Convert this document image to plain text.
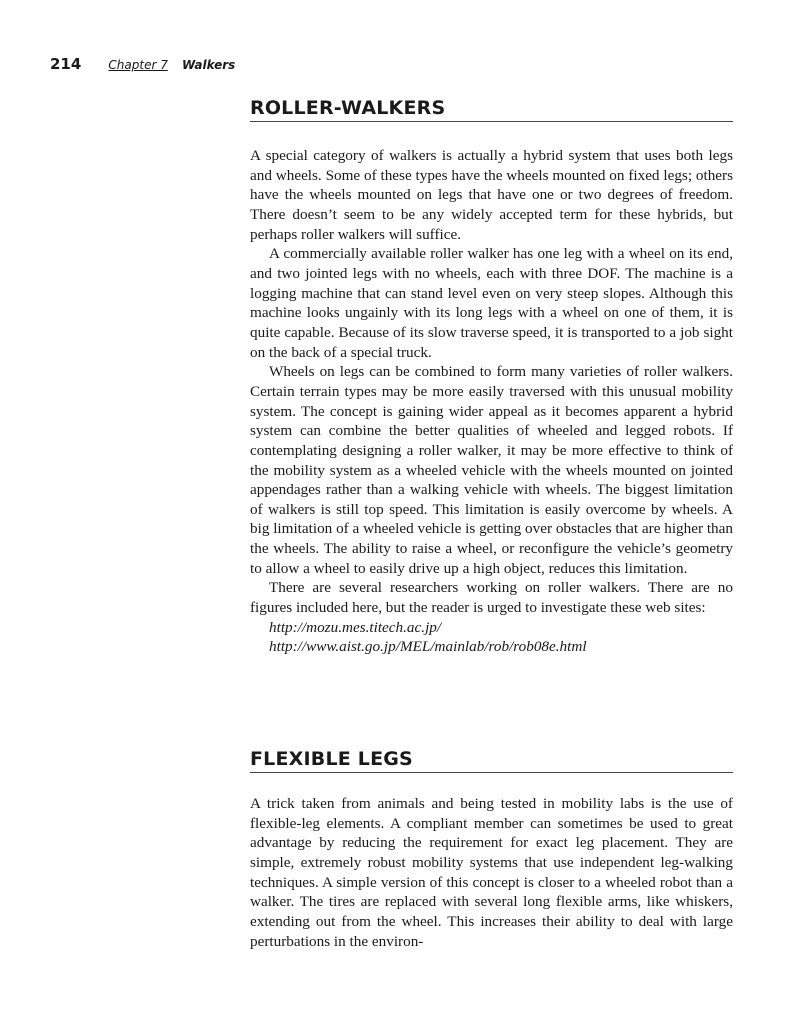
214 Chapter 7 Walkers
ROLLER-WALKERS

A special category of walkers is actually a hybrid system that uses both legs and wheels. Some of these types have the wheels mounted on fixed legs; others have the wheels mounted on legs that have one or two degrees of freedom. There doesn’t seem to be any widely accepted term for these hybrids, but perhaps roller walkers will suffice.

A commercially available roller walker has one leg with a wheel on its end, and two jointed legs with no wheels, each with three DOF. The machine is a logging machine that can stand level even on very steep slopes. Although this machine looks ungainly with its long legs with a wheel on one of them, it is quite capable. Because of its slow traverse speed, it is transported to a job sight on the back of a special truck.

Wheels on legs can be combined to form many varieties of roller walkers. Certain terrain types may be more easily traversed with this unusual mobility system. The concept is gaining wider appeal as it becomes apparent a hybrid system can combine the better qualities of wheeled and legged robots. If contemplating designing a roller walker, it may be more effective to think of the mobility system as a wheeled vehicle with the wheels mounted on jointed appendages rather than a walking vehicle with wheels. The biggest limitation of walkers is still top speed. This limitation is easily overcome by wheels. A big limitation of a wheeled vehicle is getting over obstacles that are higher than the wheels. The ability to raise a wheel, or reconfigure the vehicle’s geometry to allow a wheel to easily drive up a high object, reduces this limitation.

There are several researchers working on roller walkers. There are no figures included here, but the reader is urged to investigate these web sites:

http://mozu.mes.titech.ac.jp/

http://www.aist.go.jp/MEL/mainlab/rob/rob08e.html

FLEXIBLE LEGS

A trick taken from animals and being tested in mobility labs is the use of flexible-leg elements. A compliant member can sometimes be used to great advantage by reducing the requirement for exact leg placement. They are simple, extremely robust mobility systems that use independent leg-walking techniques. A simple version of this concept is closer to a wheeled robot than a walker. The tires are replaced with several long flexible arms, like whiskers, extending out from the wheel. This increases their ability to deal with large perturbations in the environ-
